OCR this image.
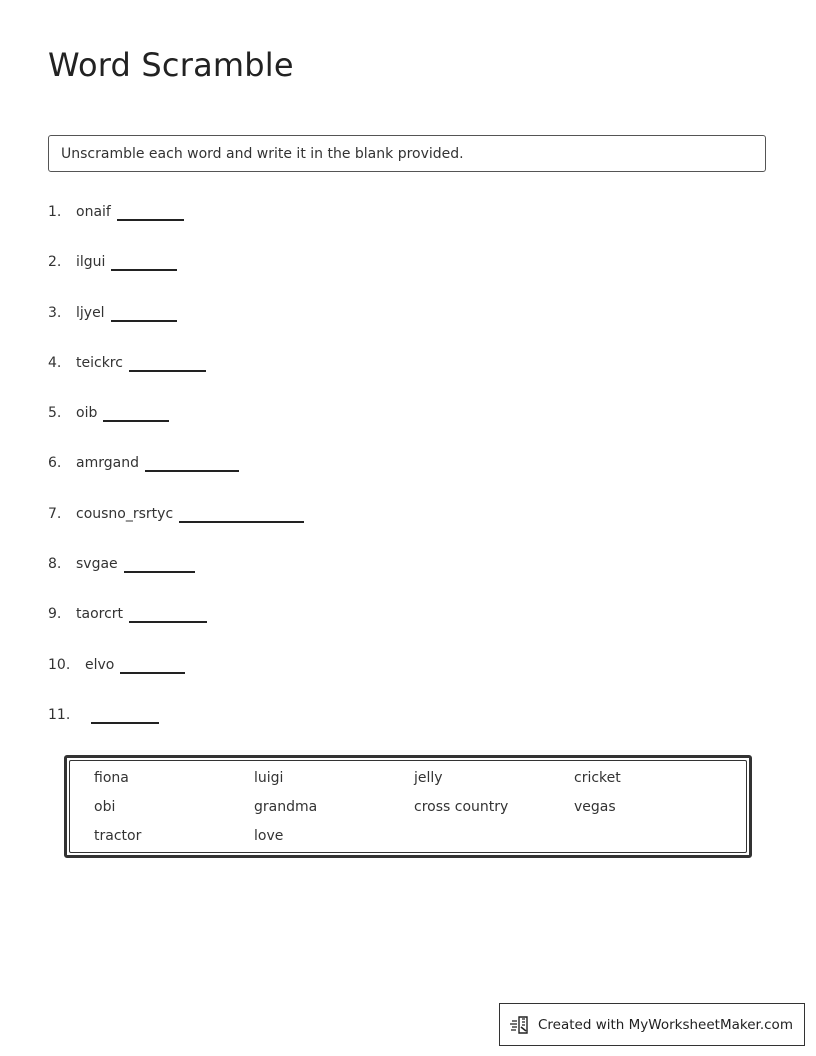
Word Scramble
Unscramble each word and write it in the blank provided.
1.	onaif
2.	ilgui
3.	ljyel
4.	teickrc
5.	oib
6.	amrgand
7.	cousno_rsrtyc
8.	svgae
9.	taorcrt
10.	elvo
11.
fiona	luigi	jelly	cricket
obi	grandma	cross country	vegas
tractor	love
Created with MyWorksheetMaker.com
